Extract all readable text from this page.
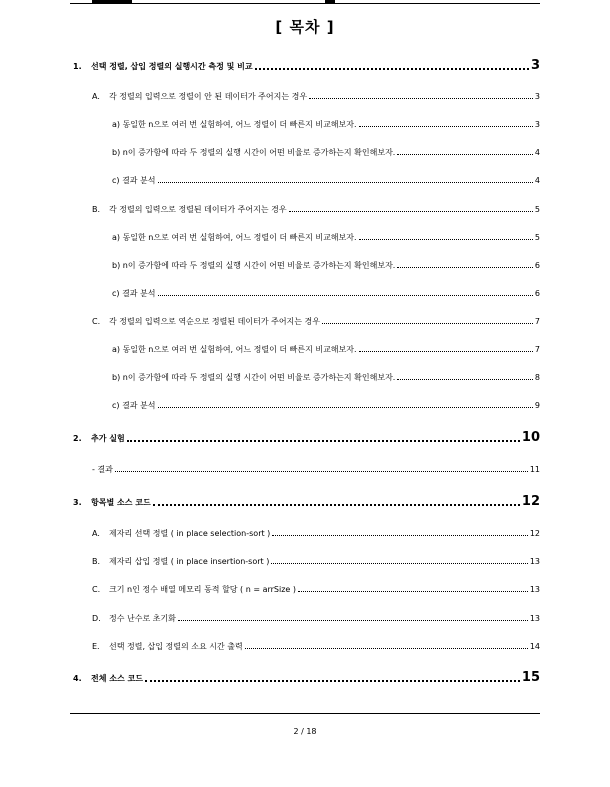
[ 목차 ]
1.	선택 정렬, 삽입 정렬의 실행시간 측정 및 비교	3
A.	각 정렬의 입력으로 정렬이 안 된 데이터가 주어지는 경우	3
a) 동일한 n으로 여러 번 실험하여, 어느 정렬이 더 빠른지 비교해보자.	3
b) n이 증가함에 따라 두 정렬의 실행 시간이 어떤 비율로 증가하는지 확인해보자.	4
c) 결과 분석	4
B.	각 정렬의 입력으로 정렬된 데이터가 주어지는 경우	5
a) 동일한 n으로 여러 번 실험하여, 어느 정렬이 더 빠른지 비교해보자.	5
b) n이 증가함에 따라 두 정렬의 실행 시간이 어떤 비율로 증가하는지 확인해보자.	6
c) 결과 분석	6
C.	각 정렬의 입력으로 역순으로 정렬된 데이터가 주어지는 경우	7
a) 동일한 n으로 여러 번 실험하여, 어느 정렬이 더 빠른지 비교해보자.	7
b) n이 증가함에 따라 두 정렬의 실행 시간이 어떤 비율로 증가하는지 확인해보자.	8
c) 결과 분석	9
2.	추가 실험	10
- 결과	11
3.	항목별 소스 코드	12
A.	제자리 선택 정렬 ( in place selection-sort )	12
B.	제자리 삽입 정렬 ( in place insertion-sort )	13
C.	크기 n인 정수 배열 메모리 동적 할당 ( n = arrSize )	13
D.	정수 난수로 초기화	13
E.	선택 정렬, 삽입 정렬의 소요 시간 출력	14
4.	전체 소스 코드	15
2 / 18
